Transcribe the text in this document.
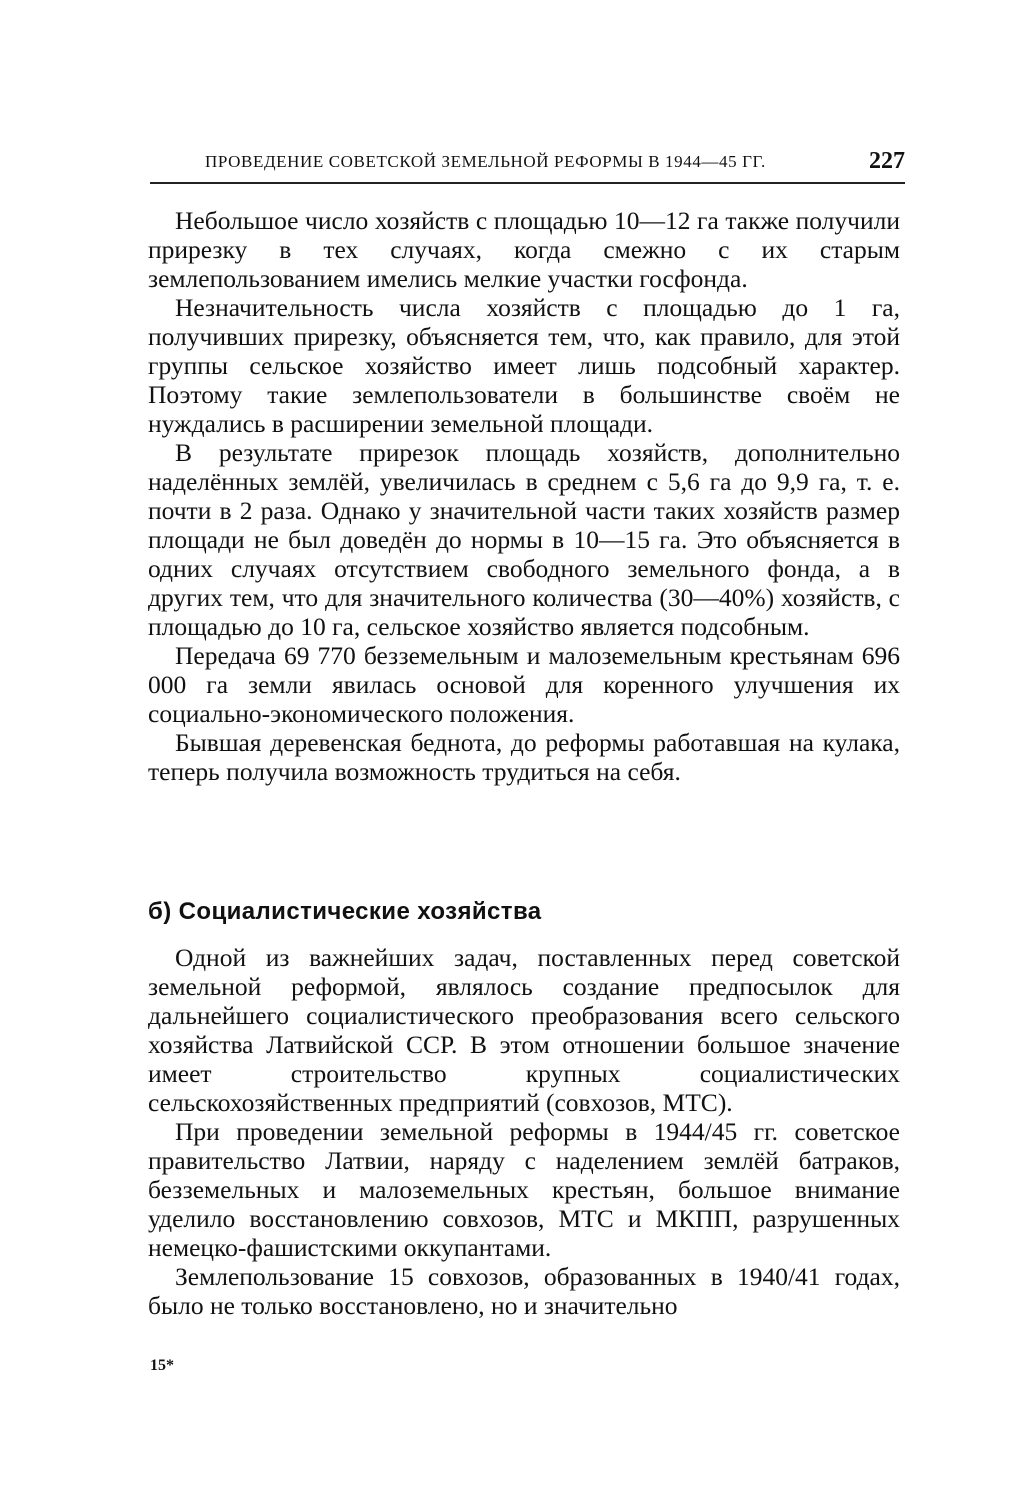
ПРОВЕДЕНИЕ СОВЕТСКОЙ ЗЕМЕЛЬНОЙ РЕФОРМЫ В 1944—45 ГГ.	227

Небольшое число хозяйств с площадью 10—12 га также получили прирезку в тех случаях, когда смежно с их старым землепользованием имелись мелкие участки госфонда.

Незначительность числа хозяйств с площадью до 1 га, получивших прирезку, объясняется тем, что, как правило, для этой группы сельское хозяйство имеет лишь подсобный характер. Поэтому такие землепользователи в большинстве своём не нуждались в расширении земельной площади.

В результате прирезок площадь хозяйств, дополнительно наделённых землёй, увеличилась в среднем с 5,6 га до 9,9 га, т. е. почти в 2 раза. Однако у значительной части таких хозяйств размер площади не был доведён до нормы в 10—15 га. Это объясняется в одних случаях отсутствием свободного земельного фонда, а в других тем, что для значительного количества (30—40%) хозяйств, с площадью до 10 га, сельское хозяйство является подсобным.

Передача 69 770 безземельным и малоземельным крестьянам 696 000 га земли явилась основой для коренного улучшения их социально-экономического положения.

Бывшая деревенская беднота, до реформы работавшая на кулака, теперь получила возможность трудиться на себя.

б) Социалистические хозяйства

Одной из важнейших задач, поставленных перед советской земельной реформой, являлось создание предпосылок для дальнейшего социалистического преобразования всего сельского хозяйства Латвийской ССР. В этом отношении большое значение имеет строительство крупных социалистических сельскохозяйственных предприятий (совхозов, МТС).

При проведении земельной реформы в 1944/45 гг. советское правительство Латвии, наряду с наделением землёй батраков, безземельных и малоземельных крестьян, большое внимание уделило восстановлению совхозов, МТС и МКПП, разрушенных немецко-фашистскими оккупантами.

Землепользование 15 совхозов, образованных в 1940/41 годах, было не только восстановлено, но и значительно

15*
